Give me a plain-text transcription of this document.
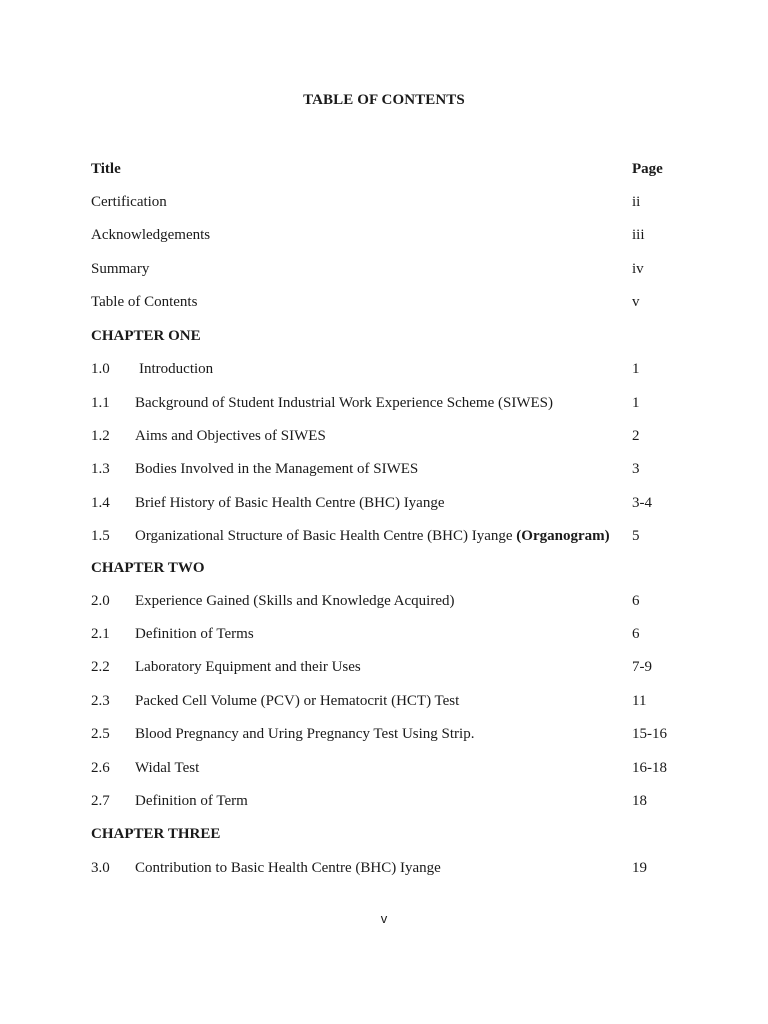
TABLE OF CONTENTS
Title	Page
Certification	ii
Acknowledgements	iii
Summary	iv
Table of Contents	v
CHAPTER ONE
1.0 Introduction	1
1.1 Background of Student Industrial Work Experience Scheme (SIWES)	1
1.2 Aims and Objectives of SIWES	2
1.3 Bodies Involved in the Management of SIWES	3
1.4 Brief History of Basic Health Centre (BHC) Iyange	3-4
1.5 Organizational Structure of Basic Health Centre (BHC) Iyange (Organogram) 5
CHAPTER TWO
2.0 Experience Gained (Skills and Knowledge Acquired)	6
2.1 Definition of Terms	6
2.2 Laboratory Equipment and their Uses	7-9
2.3 Packed Cell Volume (PCV) or Hematocrit (HCT) Test	11
2.5 Blood Pregnancy and Uring Pregnancy Test Using Strip.	15-16
2.6 Widal Test	16-18
2.7 Definition of Term	18
CHAPTER THREE
3.0 Contribution to Basic Health Centre (BHC) Iyange	19
v
